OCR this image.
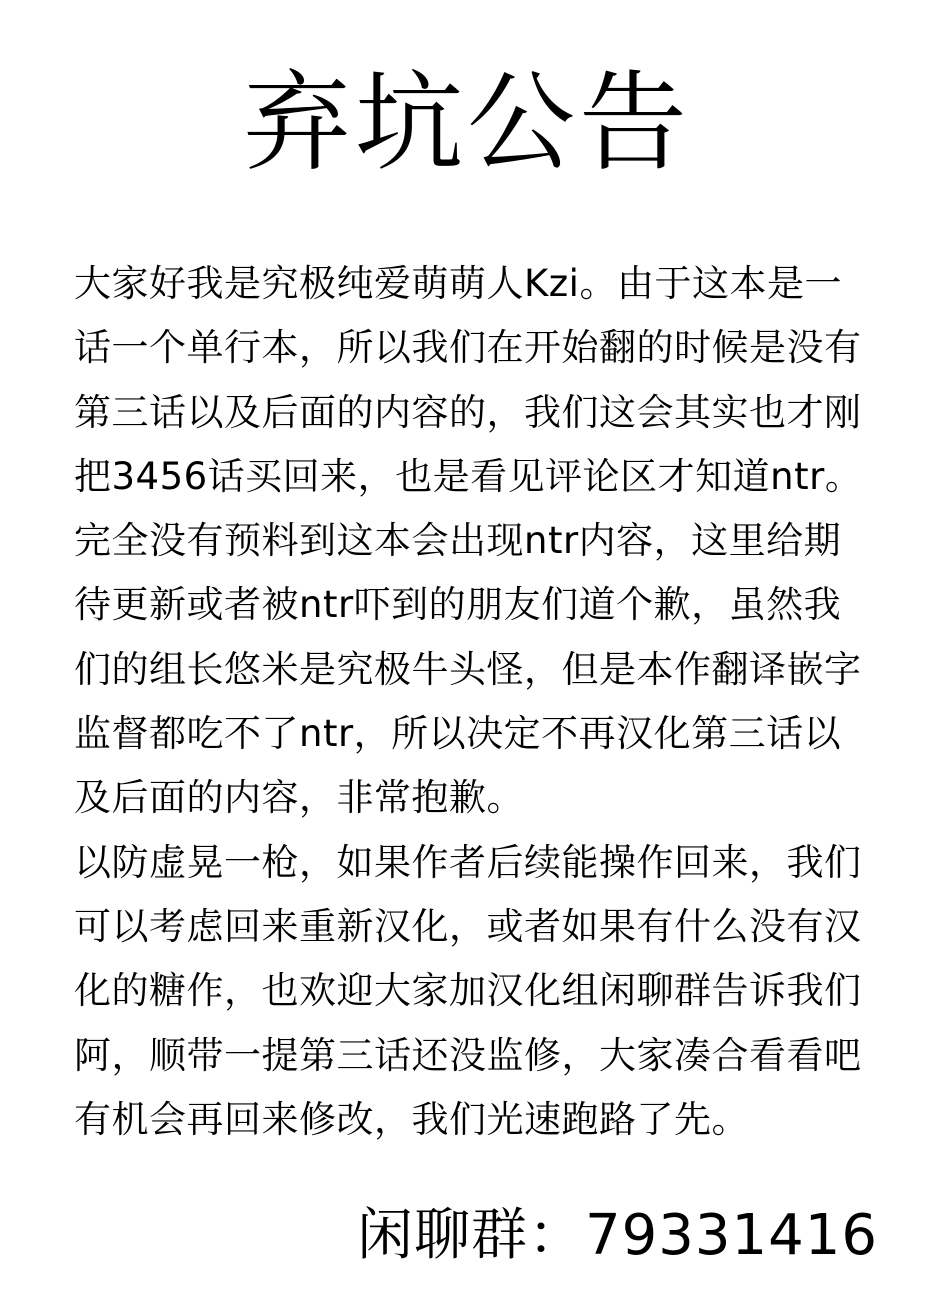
弃坑公告
大家好我是究极纯爱萌萌人Kzi。由于这本是一
话一个单行本，所以我们在开始翻的时候是没有
第三话以及后面的内容的，我们这会其实也才刚
把3456话买回来，也是看见评论区才知道ntr。
完全没有预料到这本会出现ntr内容，这里给期
待更新或者被ntr吓到的朋友们道个歉，虽然我
们的组长悠米是究极牛头怪，但是本作翻译嵌字
监督都吃不了ntr，所以决定不再汉化第三话以
及后面的内容，非常抱歉。
以防虚晃一枪，如果作者后续能操作回来，我们
可以考虑回来重新汉化，或者如果有什么没有汉
化的糖作，也欢迎大家加汉化组闲聊群告诉我们
阿，顺带一提第三话还没监修，大家凑合看看吧
有机会再回来修改，我们光速跑路了先。
闲聊群：79331416
